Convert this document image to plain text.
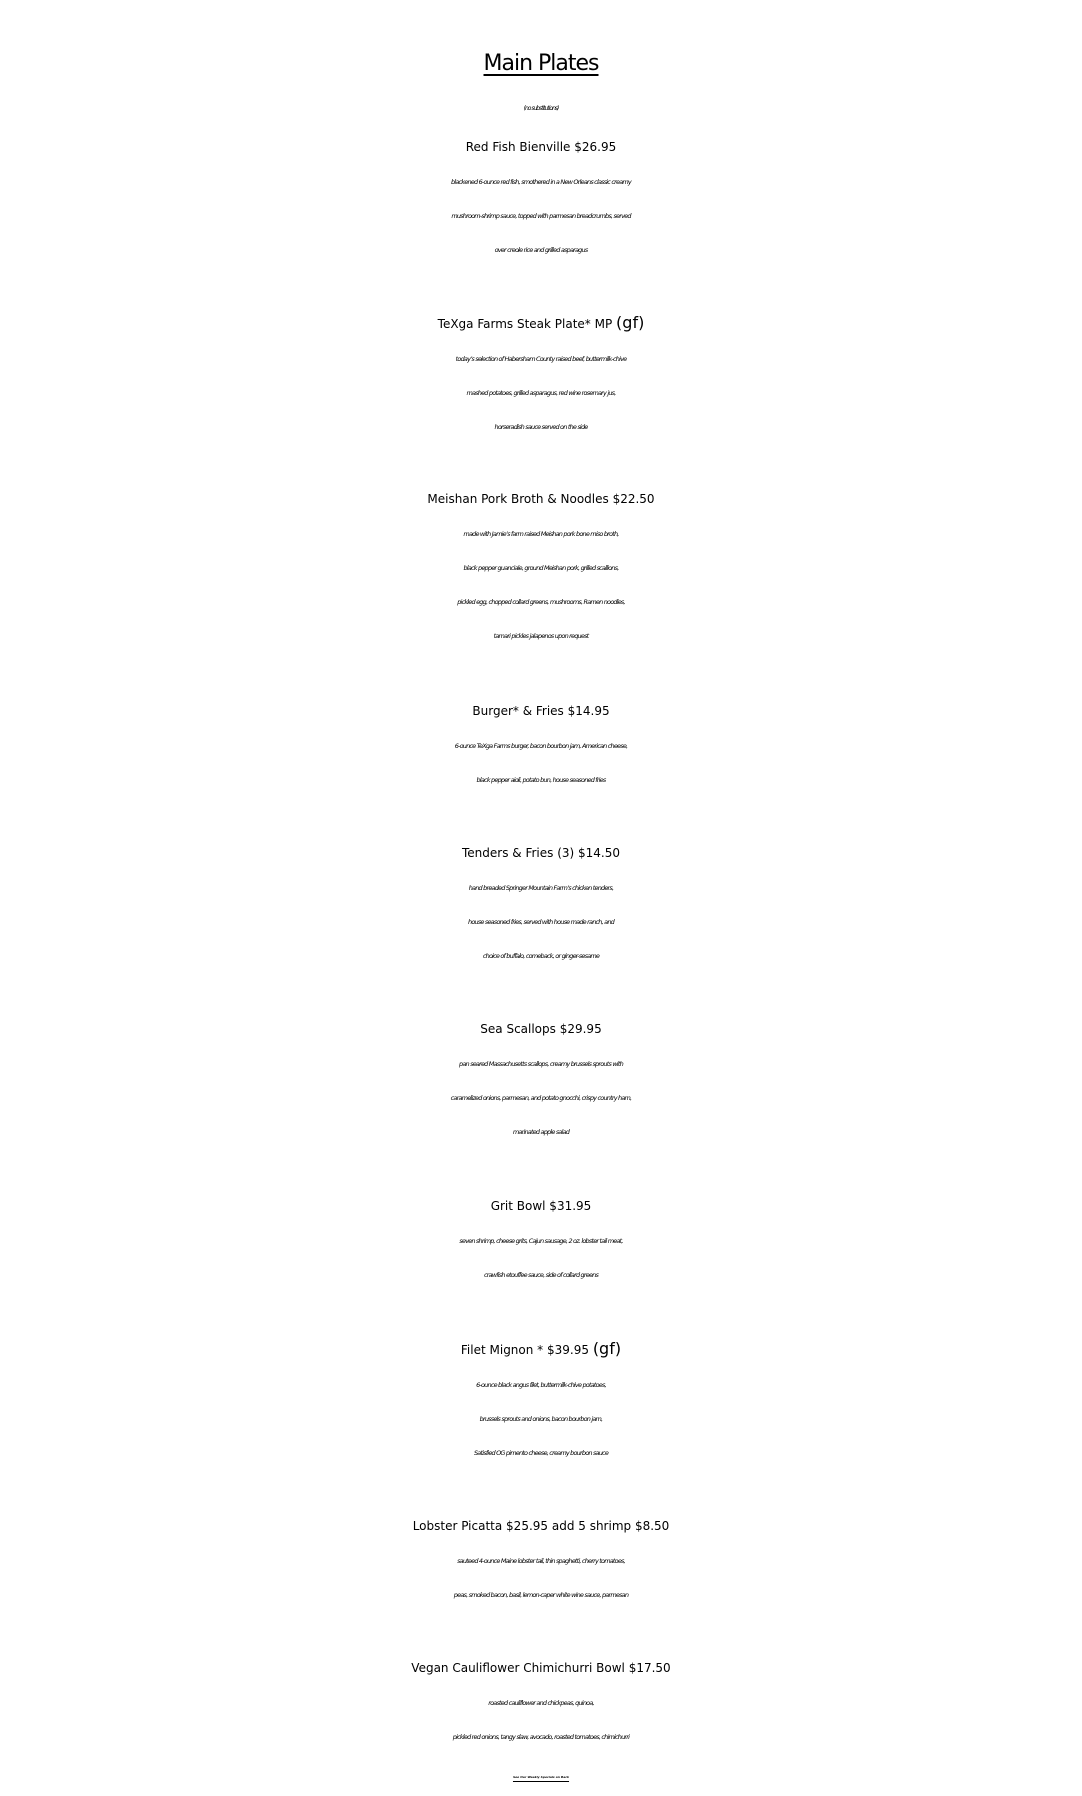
Main Plates
(no substitutions)
Red Fish Bienville $26.95
blackened 6-ounce red fish, smothered in a New Orleans classic creamy
mushroom-shrimp sauce, topped with parmesan breadcrumbs, served
over creole rice and grilled asparagus
TeXga Farms Steak Plate* MP (gf)
today’s selection of Habersham County raised beef, buttermilk-chive
mashed potatoes, grilled asparagus, red wine rosemary jus,
horseradish sauce served on the side
Meishan Pork Broth & Noodles $22.50
made with Jamie’s farm raised Meishan pork bone miso broth,
black pepper guanciale, ground Meishan pork, grilled scallions,
pickled egg, chopped collard greens, mushrooms, Ramen noodles,
tamari pickles jalapenos upon request
Burger* & Fries $14.95
6-ounce TeXga Farms burger, bacon bourbon jam, American cheese,
black pepper aioli, potato bun, house seasoned fries
Tenders & Fries (3) $14.50
hand breaded Springer Mountain Farm’s chicken tenders,
house seasoned fries, served with house made ranch, and
choice of buffalo, comeback, or ginger-sesame
Sea Scallops $29.95
pan seared Massachusetts scallops, creamy brussels sprouts with
caramelized onions, parmesan, and potato gnocchi, crispy country ham,
marinated apple salad
Grit Bowl $31.95
seven shrimp, cheese grits, Cajun sausage, 2 oz. lobster tail meat,
crawfish etouffee sauce, side of collard greens
Filet Mignon * $39.95 (gf)
6-ounce black angus filet, buttermilk-chive potatoes,
brussels sprouts and onions, bacon bourbon jam,
Satisfied OG pimento cheese, creamy bourbon sauce
Lobster Picatta $25.95 add 5 shrimp $8.50
sauteed 4-ounce Maine lobster tail, thin spaghetti, cherry tomatoes,
peas, smoked bacon, basil, lemon-caper white wine sauce, parmesan
Vegan Cauliflower Chimichurri Bowl $17.50
roasted cauliflower and chickpeas, quinoa,
pickled red onions, tangy slaw, avocado, roasted tomatoes, chimichurri
See Our Weekly Specials on Back
